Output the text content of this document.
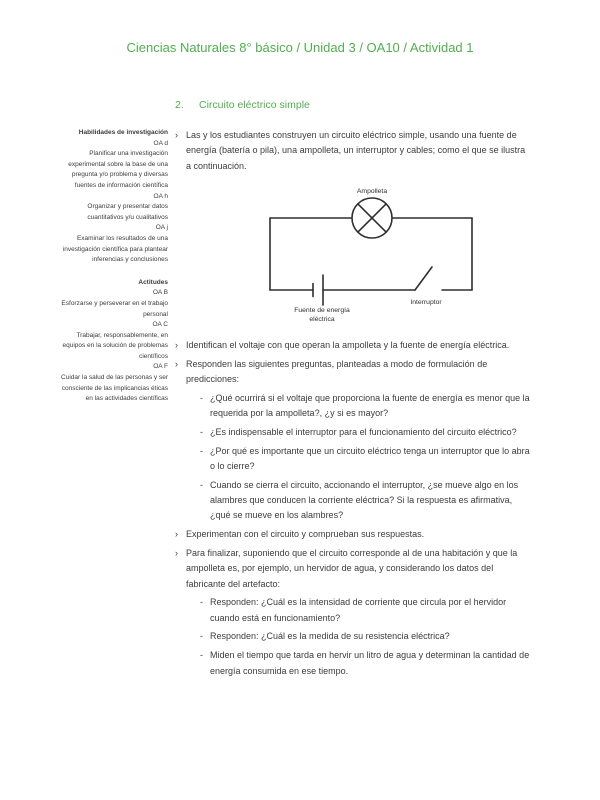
Ciencias Naturales 8° básico / Unidad 3 / OA10 / Actividad 1
Habilidades de investigación
OA d
Planificar una investigación experimental sobre la base de una pregunta y/o problema y diversas fuentes de información científica
OA h
Organizar y presentar datos cuantitativos y/u cualitativos
OA j
Examinar los resultados de una investigación científica para plantear inferencias y conclusiones
Actitudes
OA B
Esforzarse y perseverar en el trabajo personal
OA C
Trabajar, responsablemente, en equipos en la solución de problemas científicos
OA F
Cuidar la salud de las personas y ser consciente de las implicancias éticas en las actividades científicas
2. Circuito eléctrico simple
› Las y los estudiantes construyen un circuito eléctrico simple, usando una fuente de energía (batería o pila), una ampolleta, un interruptor y cables; como el que se ilustra a continuación.
Ampolleta
Fuente de energía
eléctrica
Interruptor
› Identifican el voltaje con que operan la ampolleta y la fuente de energía eléctrica.
› Responden las siguientes preguntas, planteadas a modo de formulación de predicciones:
- ¿Qué ocurrirá si el voltaje que proporciona la fuente de energía es menor que la requerida por la ampolleta?, ¿y si es mayor?
- ¿Es indispensable el interruptor para el funcionamiento del circuito eléctrico?
- ¿Por qué es importante que un circuito eléctrico tenga un interruptor que lo abra o lo cierre?
- Cuando se cierra el circuito, accionando el interruptor, ¿se mueve algo en los alambres que conducen la corriente eléctrica? Si la respuesta es afirmativa, ¿qué se mueve en los alambres?
› Experimentan con el circuito y comprueban sus respuestas.
› Para finalizar, suponiendo que el circuito corresponde al de una habitación y que la ampolleta es, por ejemplo, un hervidor de agua, y considerando los datos del fabricante del artefacto:
- Responden: ¿Cuál es la intensidad de corriente que circula por el hervidor cuando está en funcionamiento?
- Responden: ¿Cuál es la medida de su resistencia eléctrica?
- Miden el tiempo que tarda en hervir un litro de agua y determinan la cantidad de energía consumida en ese tiempo.
